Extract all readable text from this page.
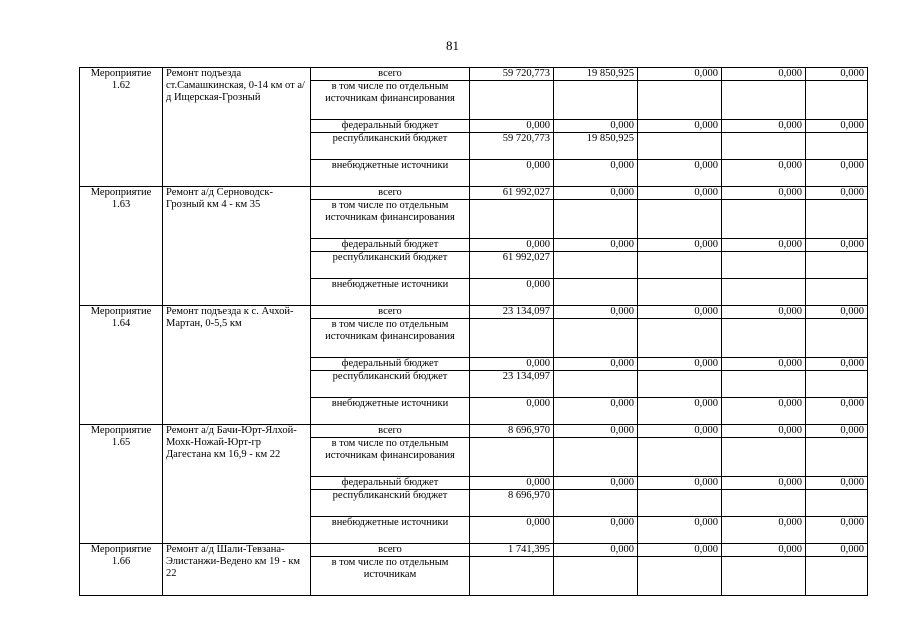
81
Мероприятие 1.62	Ремонт подъезда ст.Самашкинская, 0-14 км от а/д Ищерская-Грозный	всего	59 720,773	19 850,925	0,000	0,000	0,000
		в том числе по отдельным источникам финансирования					
		федеральный бюджет	0,000	0,000	0,000	0,000	0,000
		республиканский бюджет	59 720,773	19 850,925			
		внебюджетные источники	0,000	0,000	0,000	0,000	0,000
Мероприятие 1.63	Ремонт а/д Серноводск-Грозный км 4 - км 35	всего	61 992,027	0,000	0,000	0,000	0,000
		в том числе по отдельным источникам финансирования					
		федеральный бюджет	0,000	0,000	0,000	0,000	0,000
		республиканский бюджет	61 992,027				
		внебюджетные источники	0,000				
Мероприятие 1.64	Ремонт подъезда к с. Ачхой-Мартан, 0-5,5 км	всего	23 134,097	0,000	0,000	0,000	0,000
		в том числе по отдельным источникам финансирования					
		федеральный бюджет	0,000	0,000	0,000	0,000	0,000
		республиканский бюджет	23 134,097				
		внебюджетные источники	0,000	0,000	0,000	0,000	0,000
Мероприятие 1.65	Ремонт а/д Бачи-Юрт-Ялхой-Мохк-Ножай-Юрт-гр Дагестана км 16,9 - км 22	всего	8 696,970	0,000	0,000	0,000	0,000
		в том числе по отдельным источникам финансирования					
		федеральный бюджет	0,000	0,000	0,000	0,000	0,000
		республиканский бюджет	8 696,970				
		внебюджетные источники	0,000	0,000	0,000	0,000	0,000
Мероприятие 1.66	Ремонт а/д Шали-Тевзана-Элистанжи-Ведено км 19 - км 22	всего	1 741,395	0,000	0,000	0,000	0,000
		в том числе по отдельным источникам					
